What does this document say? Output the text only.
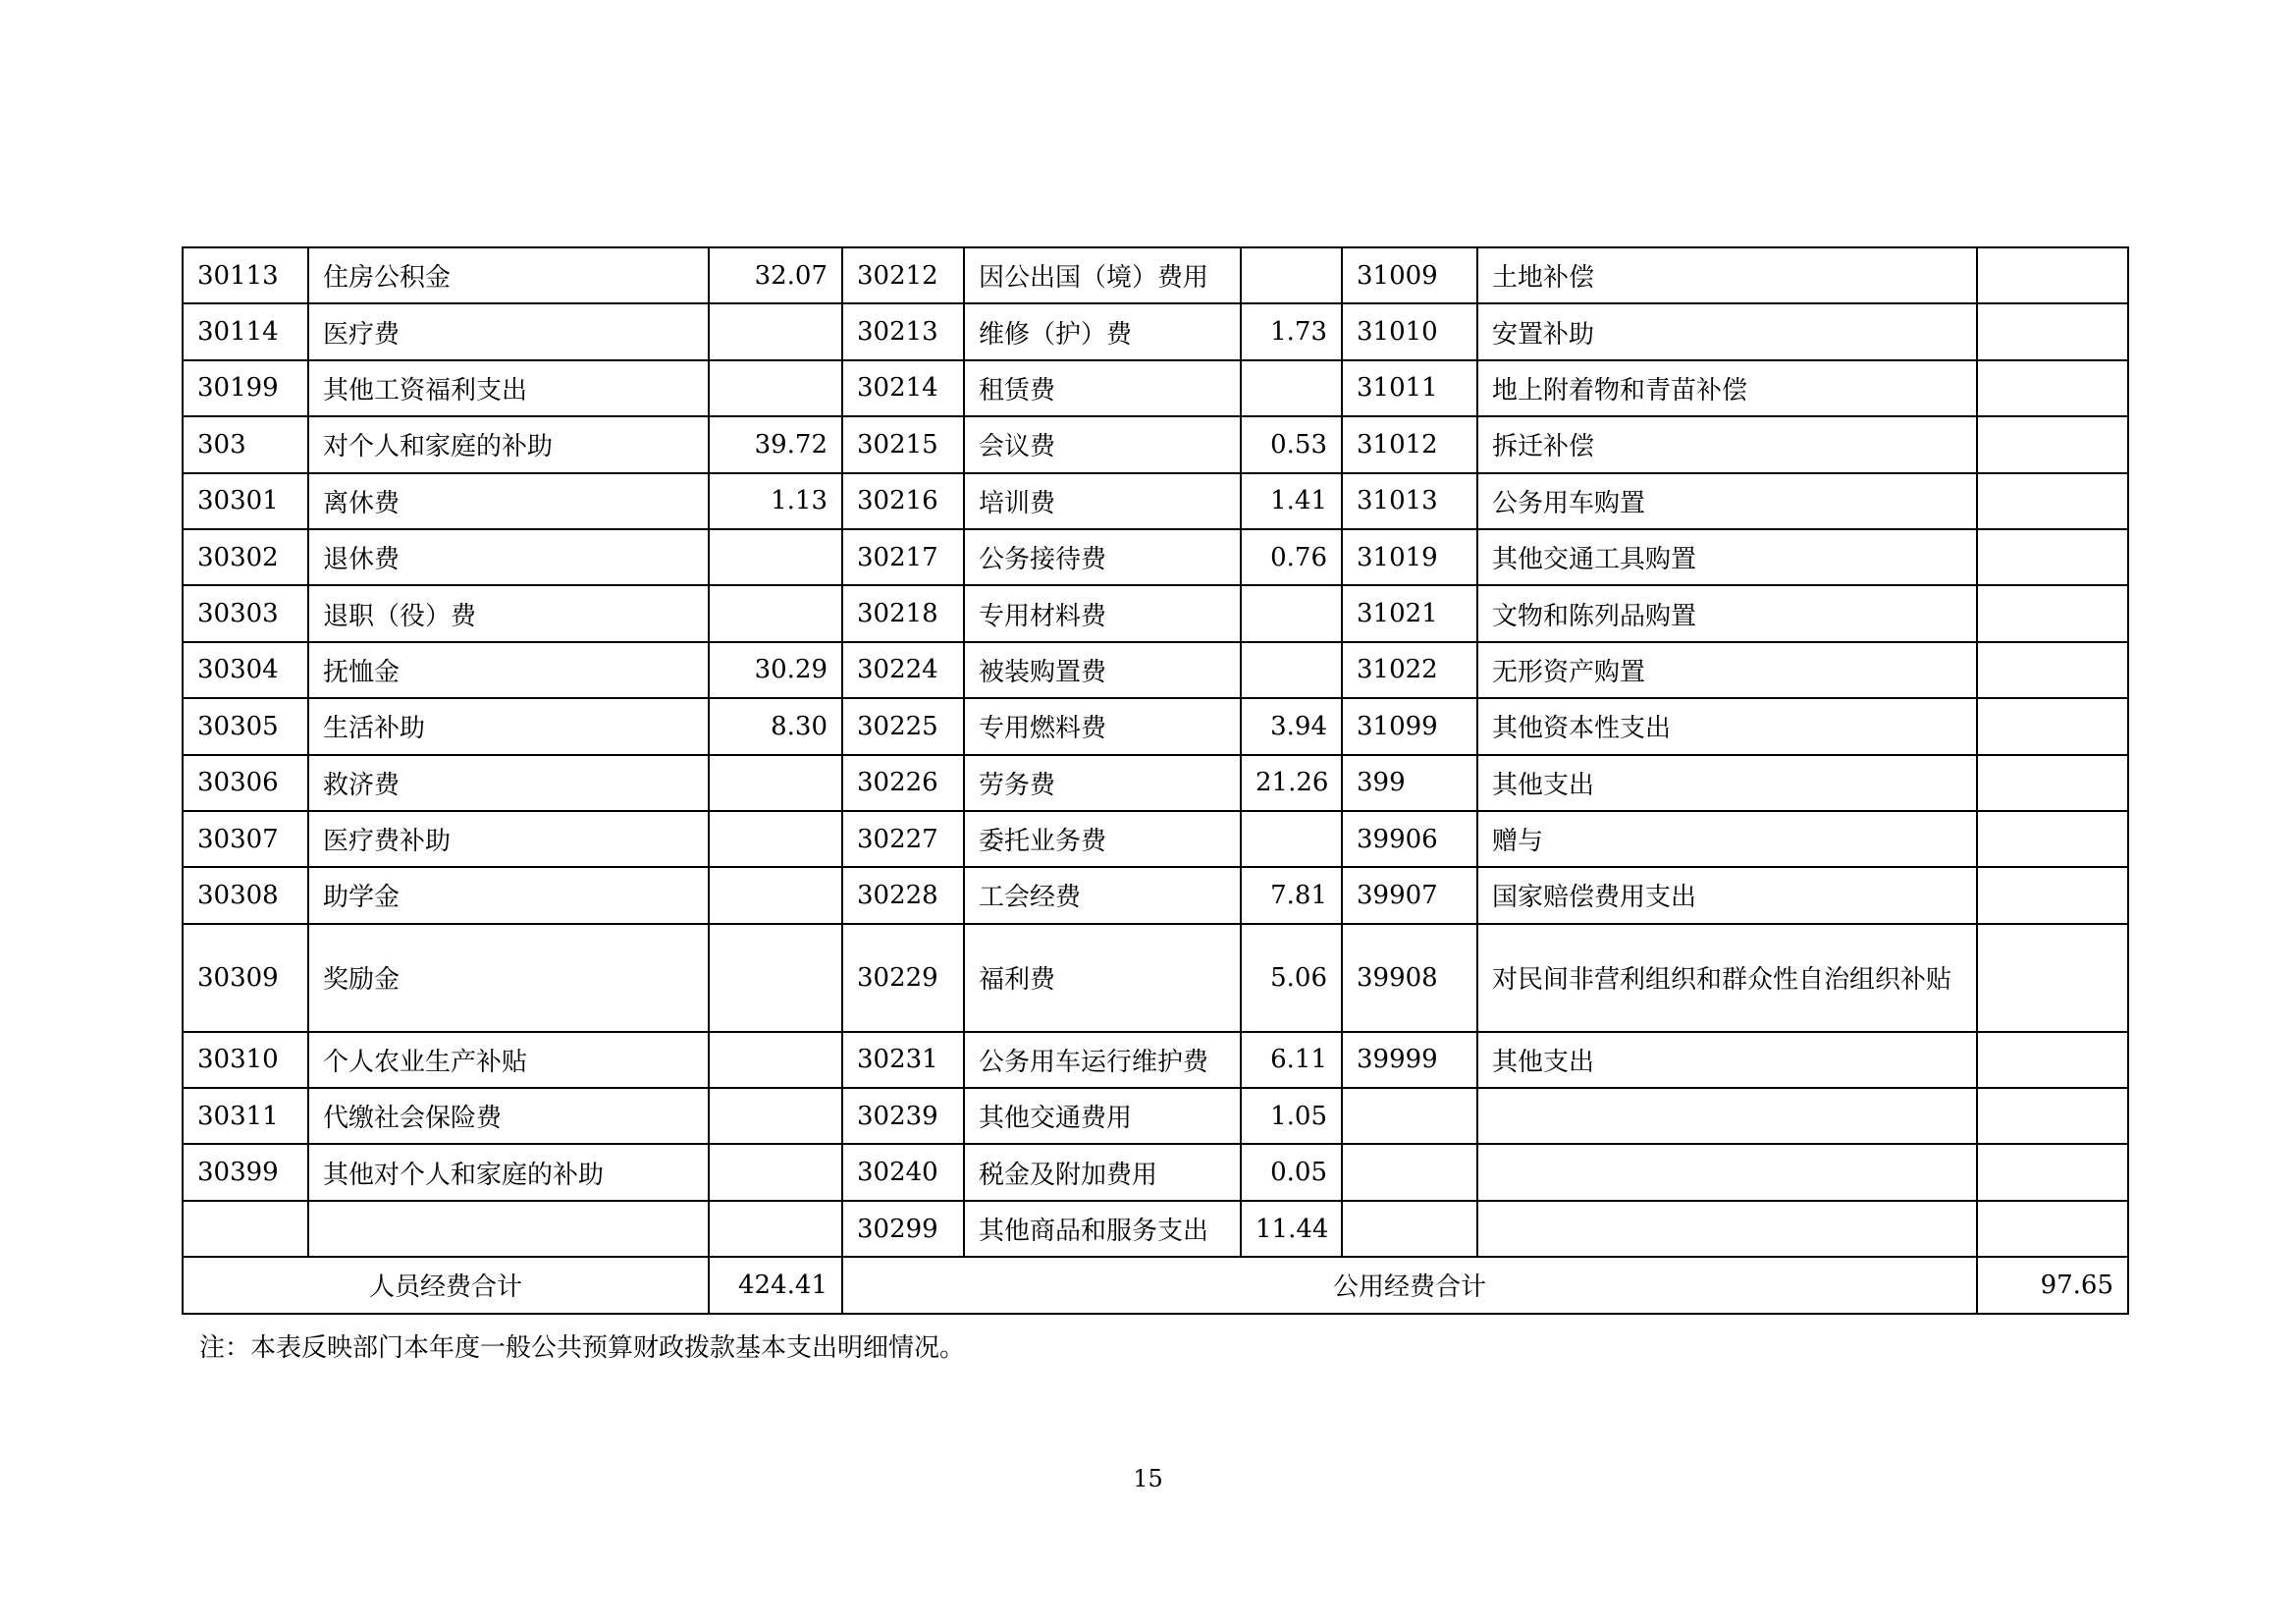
30113	住房公积金	32.07	30212	因公出国（境）费用		31009	土地补偿	
30114	医疗费		30213	维修（护）费	1.73	31010	安置补助	
30199	其他工资福利支出		30214	租赁费		31011	地上附着物和青苗补偿	
303	对个人和家庭的补助	39.72	30215	会议费	0.53	31012	拆迁补偿	
30301	离休费	1.13	30216	培训费	1.41	31013	公务用车购置	
30302	退休费		30217	公务接待费	0.76	31019	其他交通工具购置	
30303	退职（役）费		30218	专用材料费		31021	文物和陈列品购置	
30304	抚恤金	30.29	30224	被装购置费		31022	无形资产购置	
30305	生活补助	8.30	30225	专用燃料费	3.94	31099	其他资本性支出	
30306	救济费		30226	劳务费	21.26	399	其他支出	
30307	医疗费补助		30227	委托业务费		39906	赠与	
30308	助学金		30228	工会经费	7.81	39907	国家赔偿费用支出	
30309	奖励金		30229	福利费	5.06	39908	对民间非营利组织和群众性自治组织补贴	
30310	个人农业生产补贴		30231	公务用车运行维护费	6.11	39999	其他支出	
30311	代缴社会保险费		30239	其他交通费用	1.05			
30399	其他对个人和家庭的补助		30240	税金及附加费用	0.05			
			30299	其他商品和服务支出	11.44			
人员经费合计		424.41	公用经费合计					97.65
注：本表反映部门本年度一般公共预算财政拨款基本支出明细情况。
15
